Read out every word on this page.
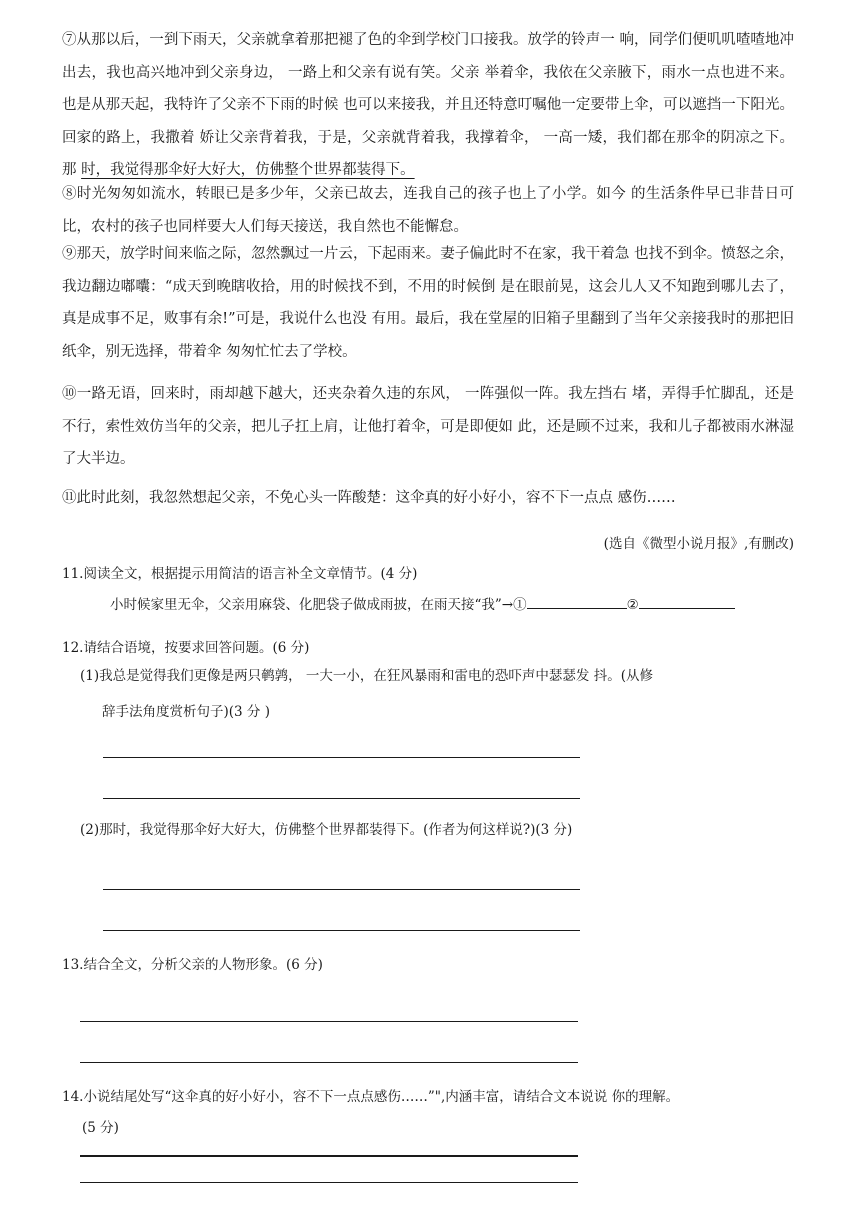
⑦从那以后，一到下雨天，父亲就拿着那把褪了色的伞到学校门口接我。放学的铃声一 响，同学们便叽叽喳喳地冲出去，我也高兴地冲到父亲身边， 一路上和父亲有说有笑。父亲 举着伞，我依在父亲腋下，雨水一点也进不来。也是从那天起，我特许了父亲不下雨的时候 也可以来接我，并且还特意叮嘱他一定要带上伞，可以遮挡一下阳光。回家的路上，我撒着 娇让父亲背着我，于是，父亲就背着我，我撑着伞， 一高一矮，我们都在那伞的阴凉之下。那 时，我觉得那伞好大好大，仿佛整个世界都装得下。

⑧时光匆匆如流水，转眼已是多少年，父亲已故去，连我自己的孩子也上了小学。如今 的生活条件早已非昔日可比，农村的孩子也同样要大人们每天接送，我自然也不能懈怠。

⑨那天，放学时间来临之际，忽然飘过一片云，下起雨来。妻子偏此时不在家，我干着急 也找不到伞。愤怒之余，我边翻边嘟囔：“成天到晚瞎收拾，用的时候找不到，不用的时候倒 是在眼前晃，这会儿人又不知跑到哪儿去了，真是成事不足，败事有余!”可是，我说什么也没 有用。最后，我在堂屋的旧箱子里翻到了当年父亲接我时的那把旧纸伞，别无选择，带着伞 匆匆忙忙去了学校。

⑩一路无语，回来时，雨却越下越大，还夹杂着久违的东风， 一阵强似一阵。我左挡右 堵，弄得手忙脚乱，还是不行，索性效仿当年的父亲，把儿子扛上肩，让他打着伞，可是即便如 此，还是顾不过来，我和儿子都被雨水淋湿了大半边。

⑪此时此刻，我忽然想起父亲，不免心头一阵酸楚：这伞真的好小好小，容不下一点点 感伤……

(选自《微型小说月报》,有删改)

11.阅读全文，根据提示用简洁的语言补全文章情节。(4 分)

小时候家里无伞，父亲用麻袋、化肥袋子做成雨披，在雨天接“我”→①	②

12.请结合语境，按要求回答问题。(6 分)

(1)我总是觉得我们更像是两只鹌鹑， 一大一小，在狂风暴雨和雷电的恐吓声中瑟瑟发 抖。(从修

辞手法角度赏析句子)(3 分 )

(2)那时，我觉得那伞好大好大，仿佛整个世界都装得下。(作者为何这样说?)(3 分)

13.结合全文，分析父亲的人物形象。(6 分)

14.小说结尾处写“这伞真的好小好小，容不下一点点感伤……”",内涵丰富，请结合文本说说 你的理解。

(5 分)
